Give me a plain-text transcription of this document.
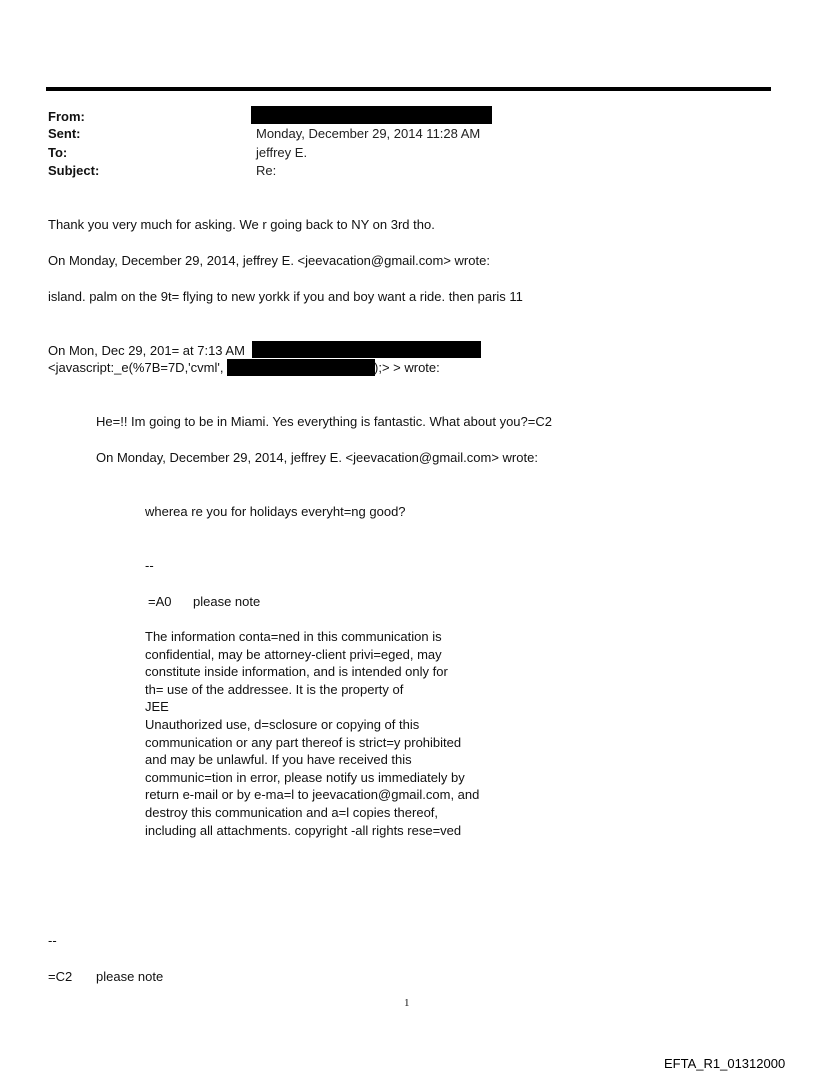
From:
Sent:	Monday, December 29, 2014 11:28 AM
To:	jeffrey E.
Subject:	Re:
Thank you very much for asking. We r going back to NY on 3rd tho.
On Monday, December 29, 2014, jeffrey E. <jeevacation@gmail.com> wrote:
island. palm on the 9t= flying to new yorkk if you and boy want a ride. then paris 11
On Mon, Dec 29, 201= at 7:13 AM
<javascript:_e(%7B=7D,'cvml',	);> > wrote:
He=!! Im going to be in Miami. Yes everything is fantastic. What about you?=C2
On Monday, December 29, 2014, jeffrey E. <jeevacation@gmail.com> wrote:
wherea re you for holidays everyht=ng good?
--
=A0 please note
The information conta=ned in this communication is
confidential, may be attorney-client privi=eged, may
constitute inside information, and is intended only for
th= use of the addressee. It is the property of
JEE
Unauthorized use, d=sclosure or copying of this
communication or any part thereof is strict=y prohibited
and may be unlawful. If you have received this
communic=tion in error, please notify us immediately by
return e-mail or by e-ma=l to jeevacation@gmail.com, and
destroy this communication and a=l copies thereof,
including all attachments. copyright -all rights rese=ved
--
=C2 please note
1
EFTA_R1_01312000
